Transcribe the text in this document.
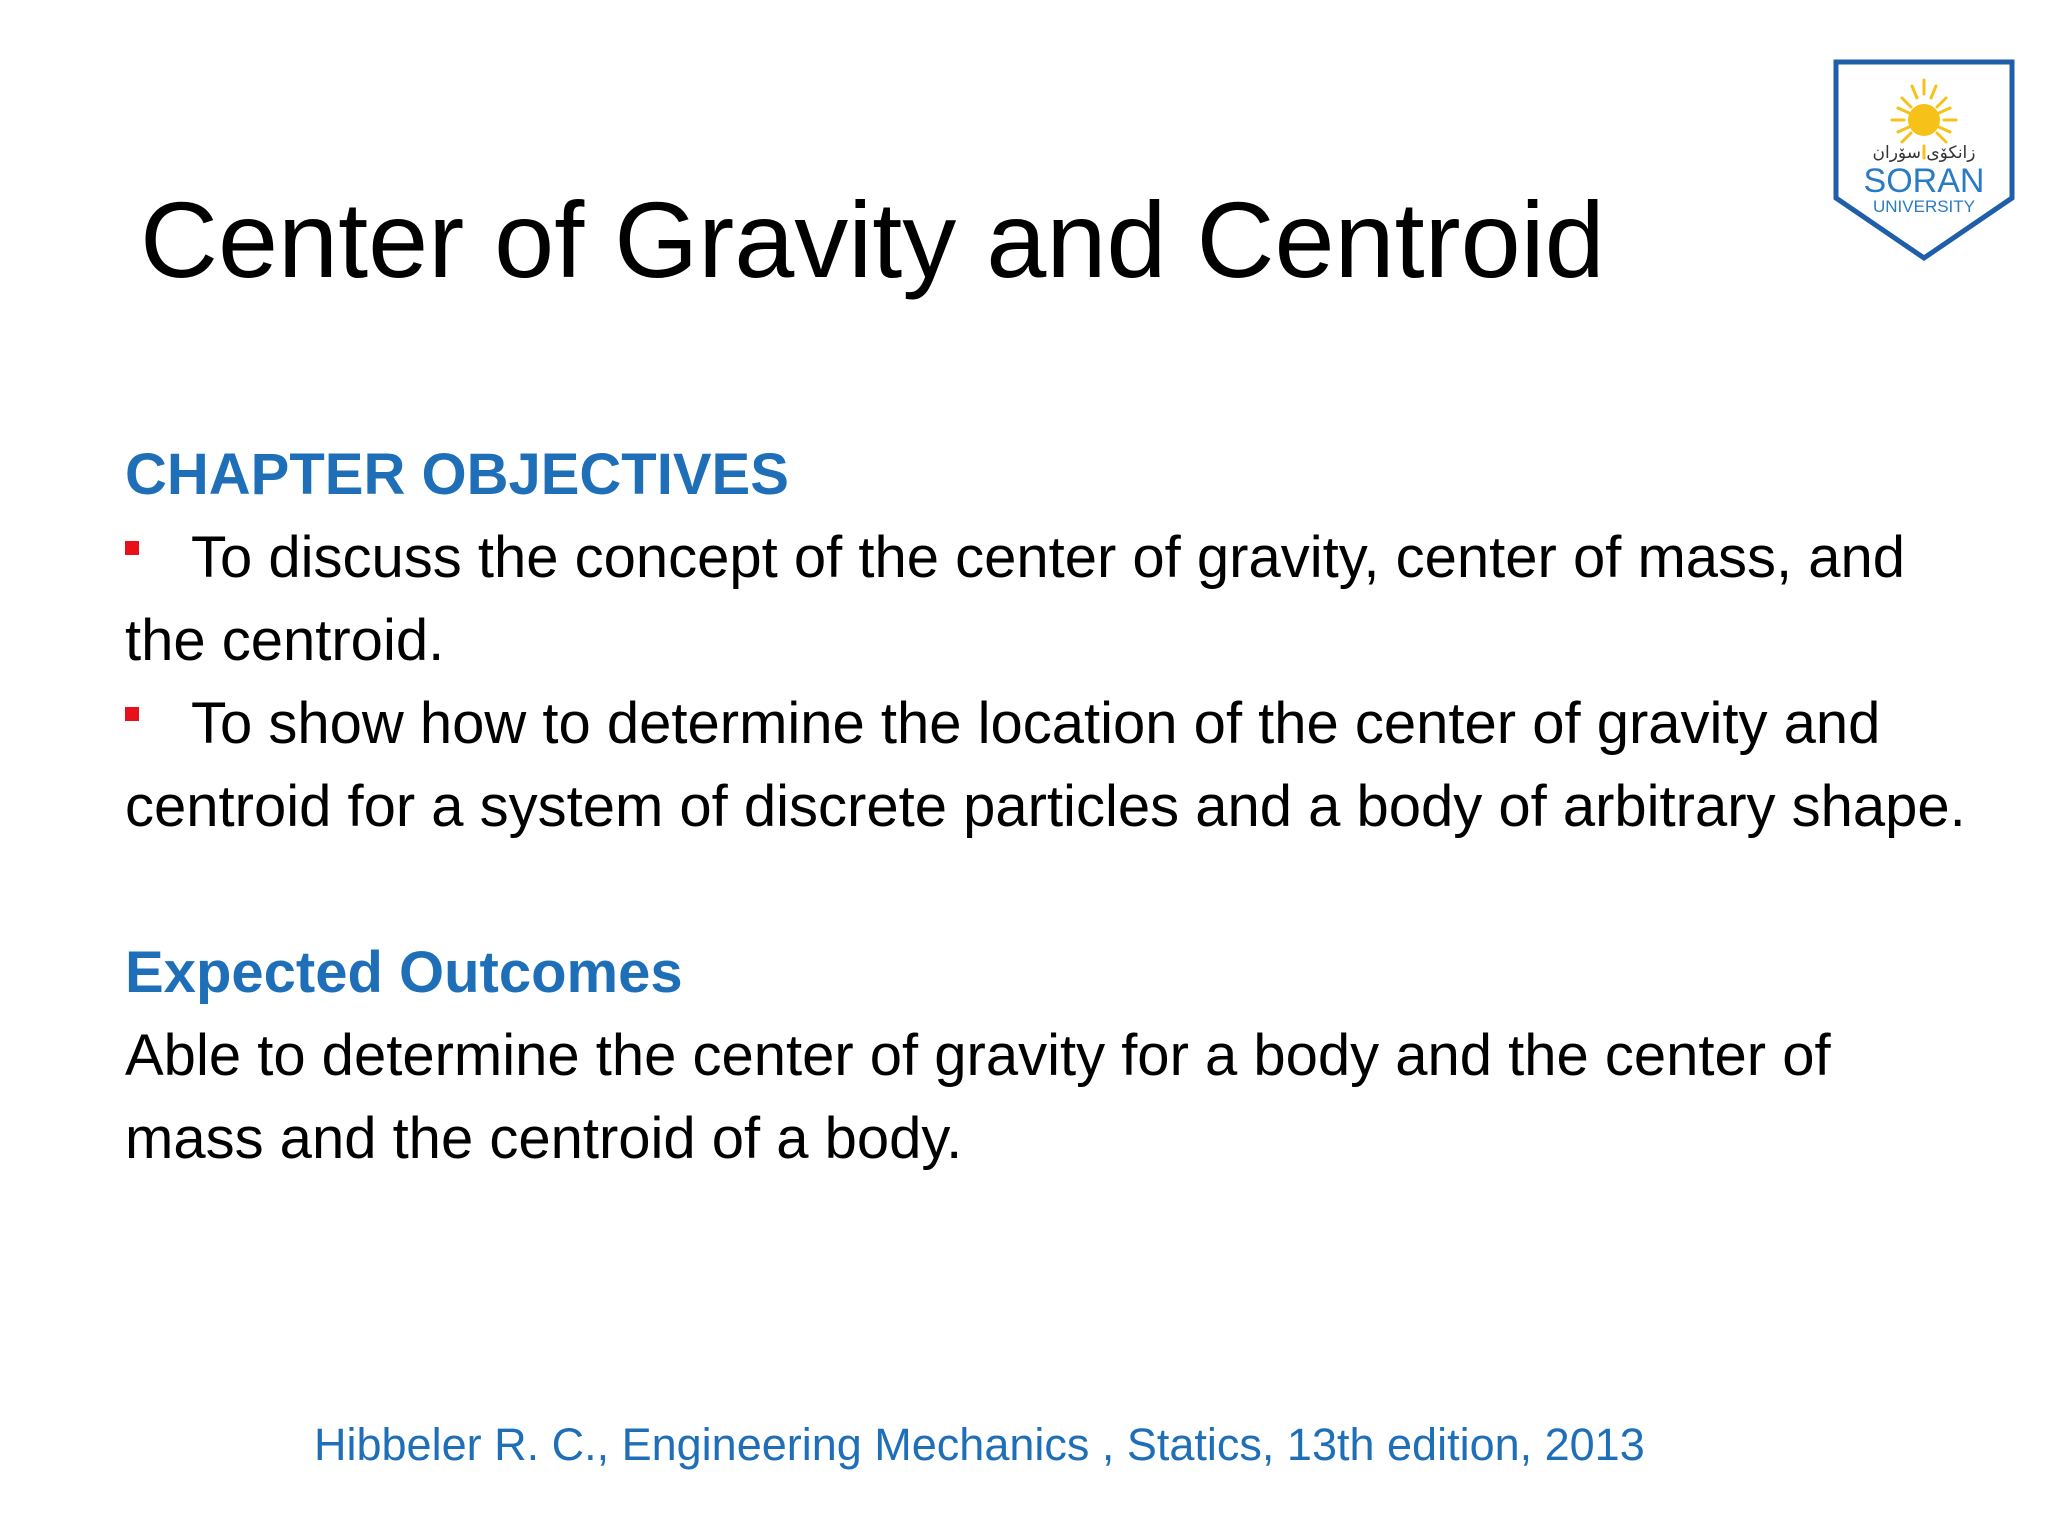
Center of Gravity and Centroid
زانكۆی سۆران
SORAN
UNIVERSITY

CHAPTER OBJECTIVES

To discuss the concept of the center of gravity, center of mass, and the centroid.

To show how to determine the location of the center of gravity and centroid for a system of discrete particles and a body of arbitrary shape.

Expected Outcomes

Able to determine the center of gravity for a body and the center of mass and the centroid of a body.

Hibbeler R. C., Engineering Mechanics , Statics, 13th edition, 2013
